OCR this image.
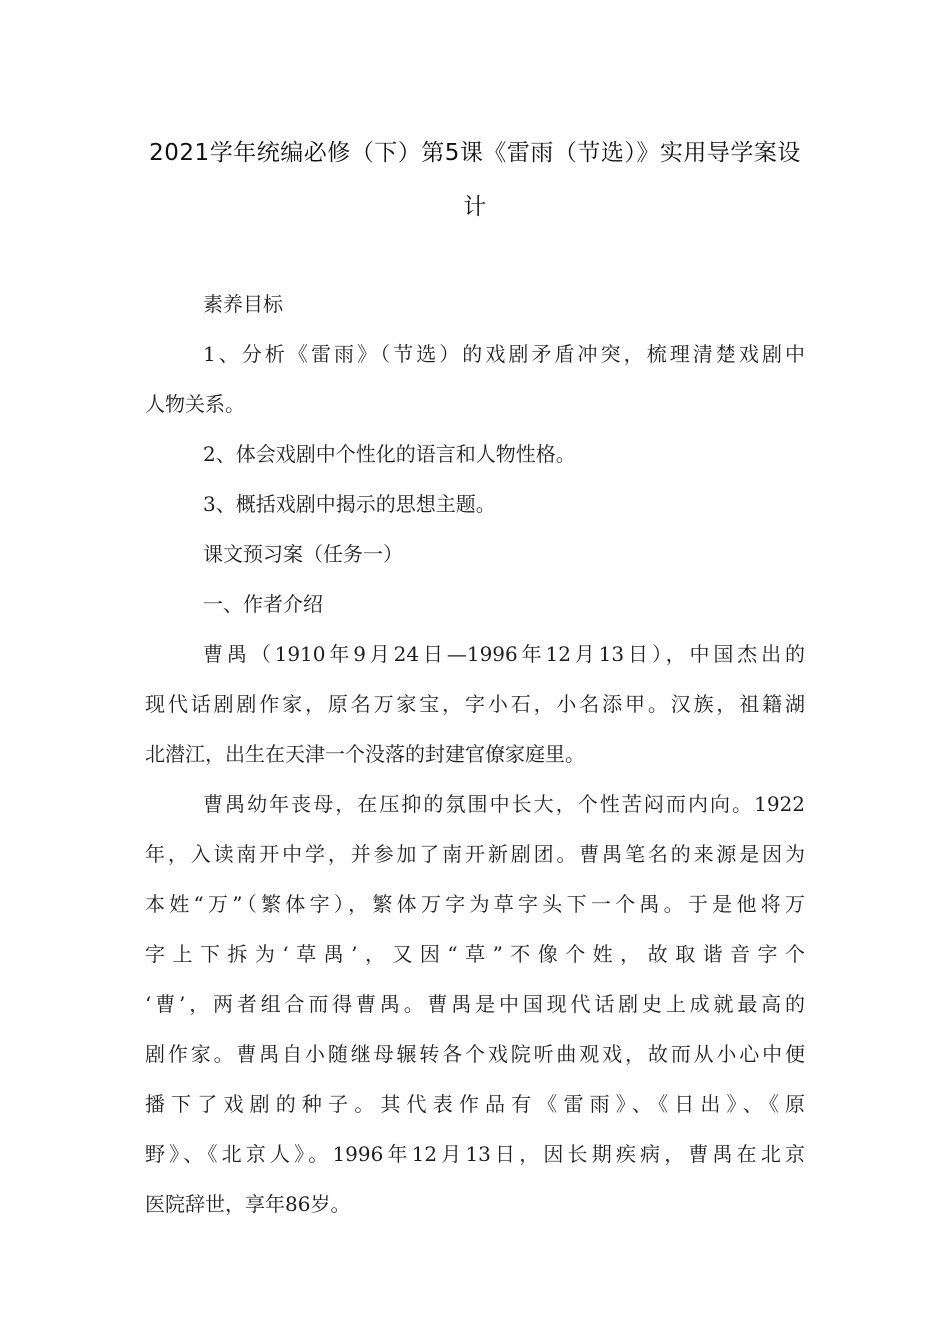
2021学年统编必修（下）第5课《雷雨（节选）》实用导学案设
计
素养目标
1、分析《雷雨》（节选）的戏剧矛盾冲突，梳理清楚戏剧中
人物关系。
2、体会戏剧中个性化的语言和人物性格。
3、概括戏剧中揭示的思想主题。
课文预习案（任务一）
一、作者介绍
曹禺（1910年9月24日—1996年12月13日），中国杰出的
现代话剧剧作家，原名万家宝，字小石，小名添甲。汉族，祖籍湖
北潜江，出生在天津一个没落的封建官僚家庭里。
曹禺幼年丧母，在压抑的氛围中长大，个性苦闷而内向。1922
年，入读南开中学，并参加了南开新剧团。曹禺笔名的来源是因为
本姓“万”（繁体字），繁体万字为草字头下一个禺。于是他将万
字上下拆为‘草禺’，又因“草”不像个姓，故取谐音字个
‘曹’，两者组合而得曹禺。曹禺是中国现代话剧史上成就最高的
剧作家。曹禺自小随继母辗转各个戏院听曲观戏，故而从小心中便
播下了戏剧的种子。其代表作品有《雷雨》、《日出》、《原
野》、《北京人》。1996年12月13日，因长期疾病，曹禺在北京
医院辞世，享年86岁。
